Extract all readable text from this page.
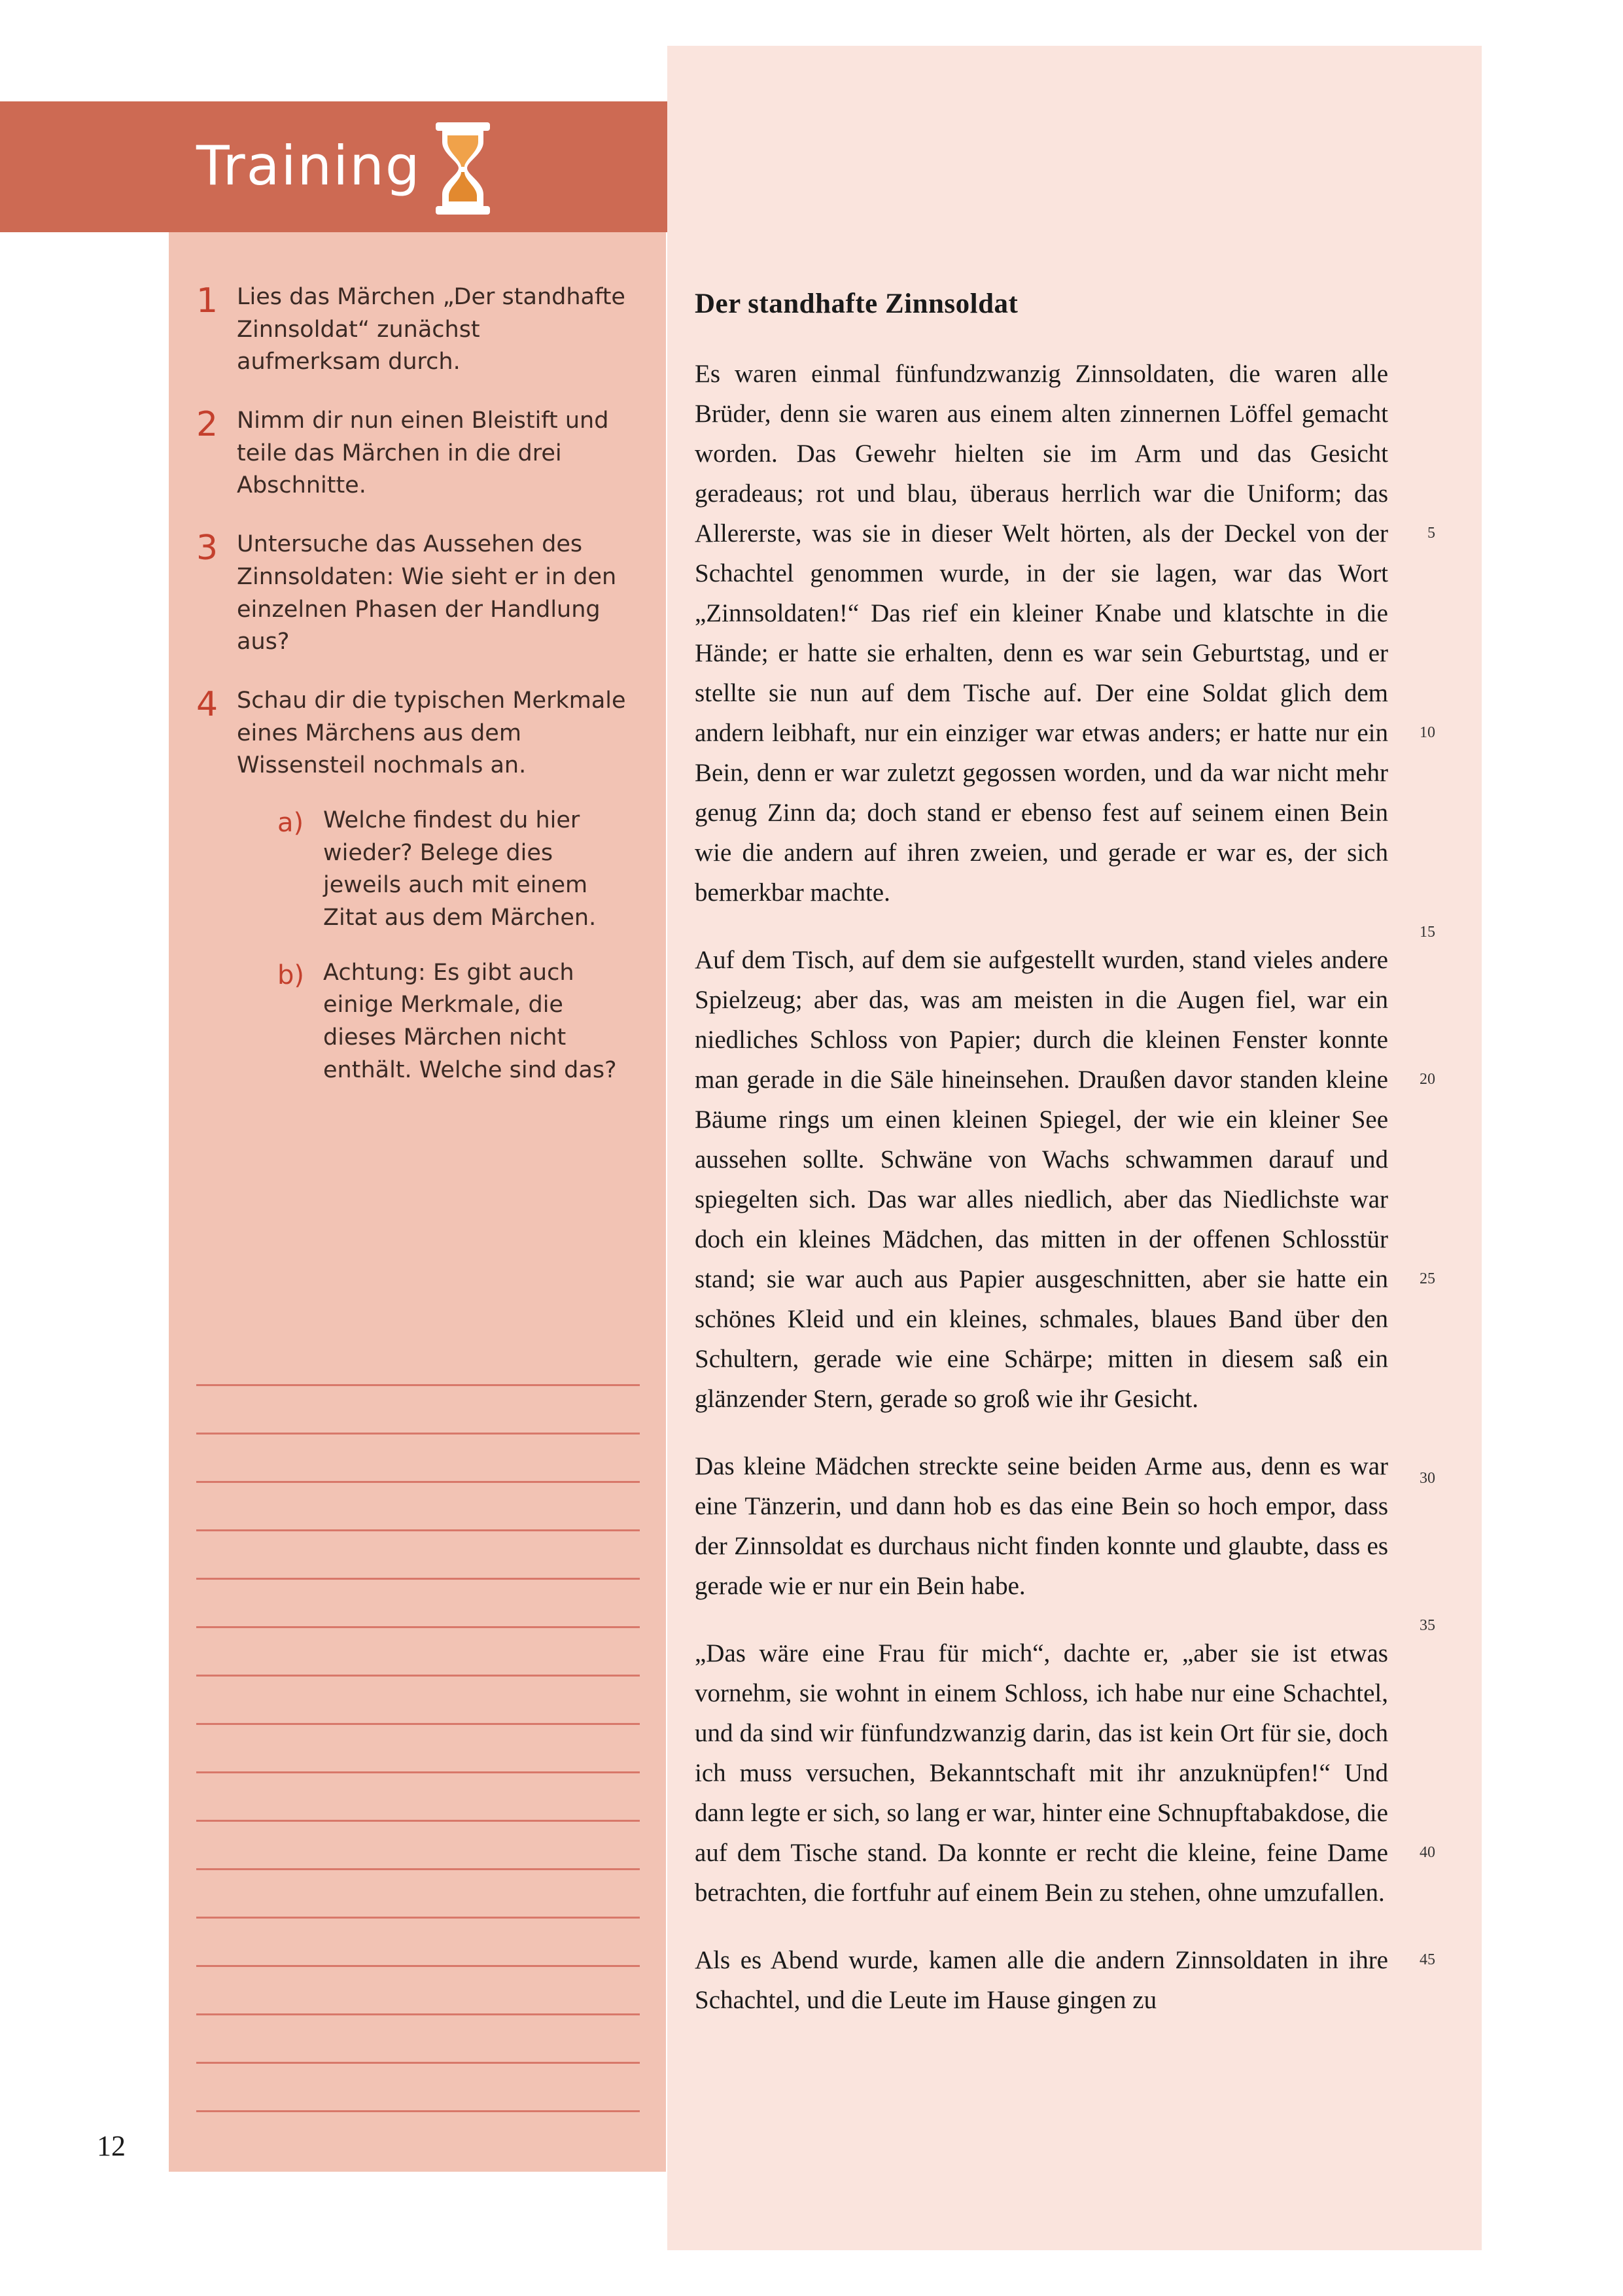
Training
1 Lies das Märchen „Der standhafte Zinnsoldat“ zunächst aufmerksam durch.
2 Nimm dir nun einen Bleistift und teile das Märchen in die drei Abschnitte.
3 Untersuche das Aussehen des Zinnsoldaten: Wie sieht er in den einzelnen Phasen der Handlung aus?
4 Schau dir die typischen Merkmale eines Märchens aus dem Wissensteil nochmals an.
a) Welche findest du hier wieder? Belege dies jeweils auch mit einem Zitat aus dem Märchen.
b) Achtung: Es gibt auch einige Merkmale, die dieses Märchen nicht enthält. Welche sind das?
Der standhafte Zinnsoldat
Es waren einmal fünfundzwanzig Zinnsoldaten, die waren alle Brüder, denn sie waren aus einem alten zinnernen Löffel gemacht worden. Das Gewehr hielten sie im Arm und das Gesicht geradeaus; rot und blau, überaus herrlich war die Uniform; das Allererste, was sie in dieser Welt hörten, als der Deckel von der Schachtel genommen wurde, in der sie lagen, war das Wort „Zinnsoldaten!“ Das rief ein kleiner Knabe und klatschte in die Hände; er hatte sie erhalten, denn es war sein Geburtstag, und er stellte sie nun auf dem Tische auf. Der eine Soldat glich dem andern leibhaft, nur ein einziger war etwas anders; er hatte nur ein Bein, denn er war zuletzt gegossen worden, und da war nicht mehr genug Zinn da; doch stand er ebenso fest auf seinem einen Bein wie die andern auf ihren zweien, und gerade er war es, der sich bemerkbar machte.
5
10
15
Auf dem Tisch, auf dem sie aufgestellt wurden, stand vieles andere Spielzeug; aber das, was am meisten in die Augen fiel, war ein niedliches Schloss von Papier; durch die kleinen Fenster konnte man gerade in die Säle hineinsehen. Draußen davor standen kleine Bäume rings um einen kleinen Spiegel, der wie ein kleiner See aussehen sollte. Schwäne von Wachs schwammen darauf und spiegelten sich. Das war alles niedlich, aber das Niedlichste war doch ein kleines Mädchen, das mitten in der offenen Schlosstür stand; sie war auch aus Papier ausgeschnitten, aber sie hatte ein schönes Kleid und ein kleines, schmales, blaues Band über den Schultern, gerade wie eine Schärpe; mitten in diesem saß ein glänzender Stern, gerade so groß wie ihr Gesicht.
20
25
30
Das kleine Mädchen streckte seine beiden Arme aus, denn es war eine Tänzerin, und dann hob es das eine Bein so hoch empor, dass der Zinnsoldat es durchaus nicht finden konnte und glaubte, dass es gerade wie er nur ein Bein habe.
35
„Das wäre eine Frau für mich“, dachte er, „aber sie ist etwas vornehm, sie wohnt in einem Schloss, ich habe nur eine Schachtel, und da sind wir fünfundzwanzig darin, das ist kein Ort für sie, doch ich muss versuchen, Bekanntschaft mit ihr anzuknüpfen!“ Und dann legte er sich, so lang er war, hinter eine Schnupftabakdose, die auf dem Tische stand. Da konnte er recht die kleine, feine Dame betrachten, die fortfuhr auf einem Bein zu stehen, ohne umzufallen.
40
Als es Abend wurde, kamen alle die andern Zinnsoldaten in ihre Schachtel, und die Leute im Hause gingen zu
45
12
